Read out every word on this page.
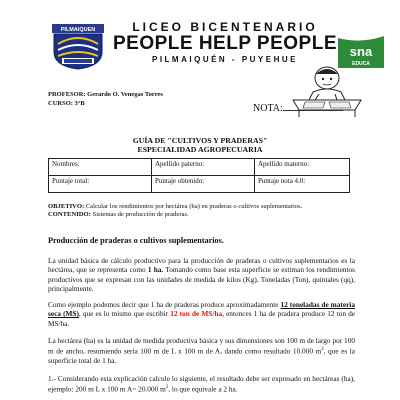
PILMAIQUEN	LICEO BICENTENARIO
PEOPLE HELP PEOPLE
PILMAIQUÉN - PUYEHUE
sna
EDUCA
PROFESOR: Gerardo O. Venegas Torres
CURSO: 3°B	NOTA:
GUÍA DE "CULTIVOS Y PRADERAS"
ESPECIALIDAD AGROPECUARIA
Nombres:	Apellido paterno:	Apellido materno:
Puntaje total:	Puntaje obtenido:	Puntaje nota 4.0:
OBJETIVO: Calcular los rendimientos por hectárea (ha) en praderas o cultivos suplementarios.
CONTENIDO: Sistemas de producción de praderas.
Producción de praderas o cultivos suplementarios.
La unidad básica de cálculo productivo para la producción de praderas o cultivos suplementarios es la hectárea, que se representa como 1 ha. Tomando como base esta superficie se estiman los rendimientos productivos que se expresan con las unidades de medida de kilos (Kg), Toneladas (Ton), quintales (qq), principalmente.
Como ejemplo podemos decir que 1 ha de praderas produce aproximadamente 12 toneladas de materia seca (MS), que es lo mismo que escribir 12 ton de MS/ha, entonces 1 ha de pradera produce 12 ton de MS/ha.
La hectárea (ha) es la unidad de medida productiva básica y sus dimensiones son 100 m de largo por 100 m de ancho, resumiendo sería 100 m de L x 100 m de A, dando como resultado 10.000 $m^2$, que es la superficie total de 1 ha.
1.- Considerando esta explicación calcule lo siguiente, el resultado debe ser expresado en hectáreas (ha), ejemplo: 200 m L x 100 m A= 20.000 $m^2$, lo que equivale a 2 ha.
